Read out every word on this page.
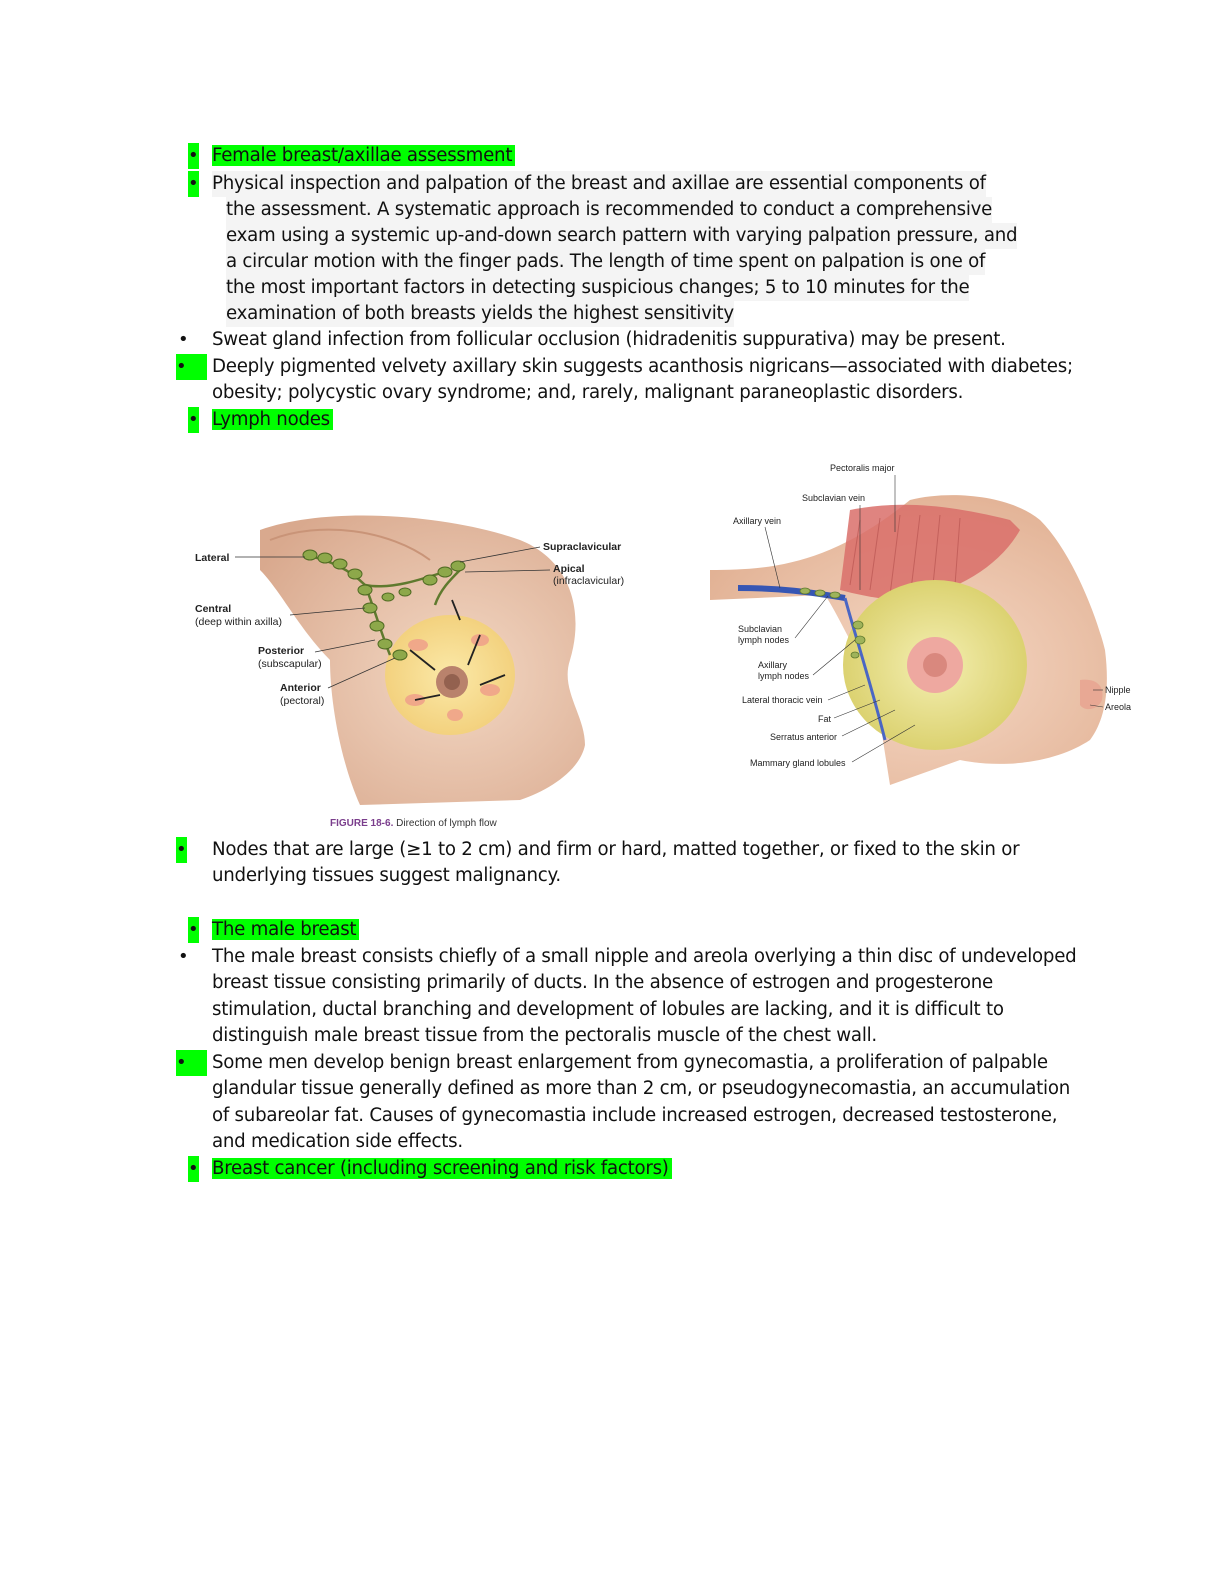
• Female breast/axillae assessment
• Physical inspection and palpation of the breast and axillae are essential components of
the assessment. A systematic approach is recommended to conduct a comprehensive
exam using a systemic up-and-down search pattern with varying palpation pressure, and
a circular motion with the finger pads. The length of time spent on palpation is one of
the most important factors in detecting suspicious changes; 5 to 10 minutes for the
examination of both breasts yields the highest sensitivity
• Sweat gland infection from follicular occlusion (hidradenitis suppurativa) may be present.
•	Deeply pigmented velvety axillary skin suggests acanthosis nigricans—associated with diabetes;
obesity; polycystic ovary syndrome; and, rarely, malignant paraneoplastic disorders.
• Lymph nodes
Lateral
Central
(deep within axilla)
Posterior
(subscapular)
Anterior
(pectoral)
Supraclavicular
Apical
(infraclavicular)
FIGURE 18-6. Direction of lymph flow
Pectoralis major
Subclavian vein
Axillary vein
Subclavian
lymph nodes
Axillary
lymph nodes
Lateral thoracic vein
Fat
Serratus anterior
Mammary gland lobules
Nipple
Areola
• Nodes that are large (≥1 to 2 cm) and firm or hard, matted together, or fixed to the skin or
underlying tissues suggest malignancy.
• The male breast
• The male breast consists chiefly of a small nipple and areola overlying a thin disc of undeveloped
breast tissue consisting primarily of ducts. In the absence of estrogen and progesterone
stimulation, ductal branching and development of lobules are lacking, and it is difficult to
distinguish male breast tissue from the pectoralis muscle of the chest wall.
•	Some men develop benign breast enlargement from gynecomastia, a proliferation of palpable
glandular tissue generally defined as more than 2 cm, or pseudogynecomastia, an accumulation
of subareolar fat. Causes of gynecomastia include increased estrogen, decreased testosterone,
and medication side effects.
• Breast cancer (including screening and risk factors)
